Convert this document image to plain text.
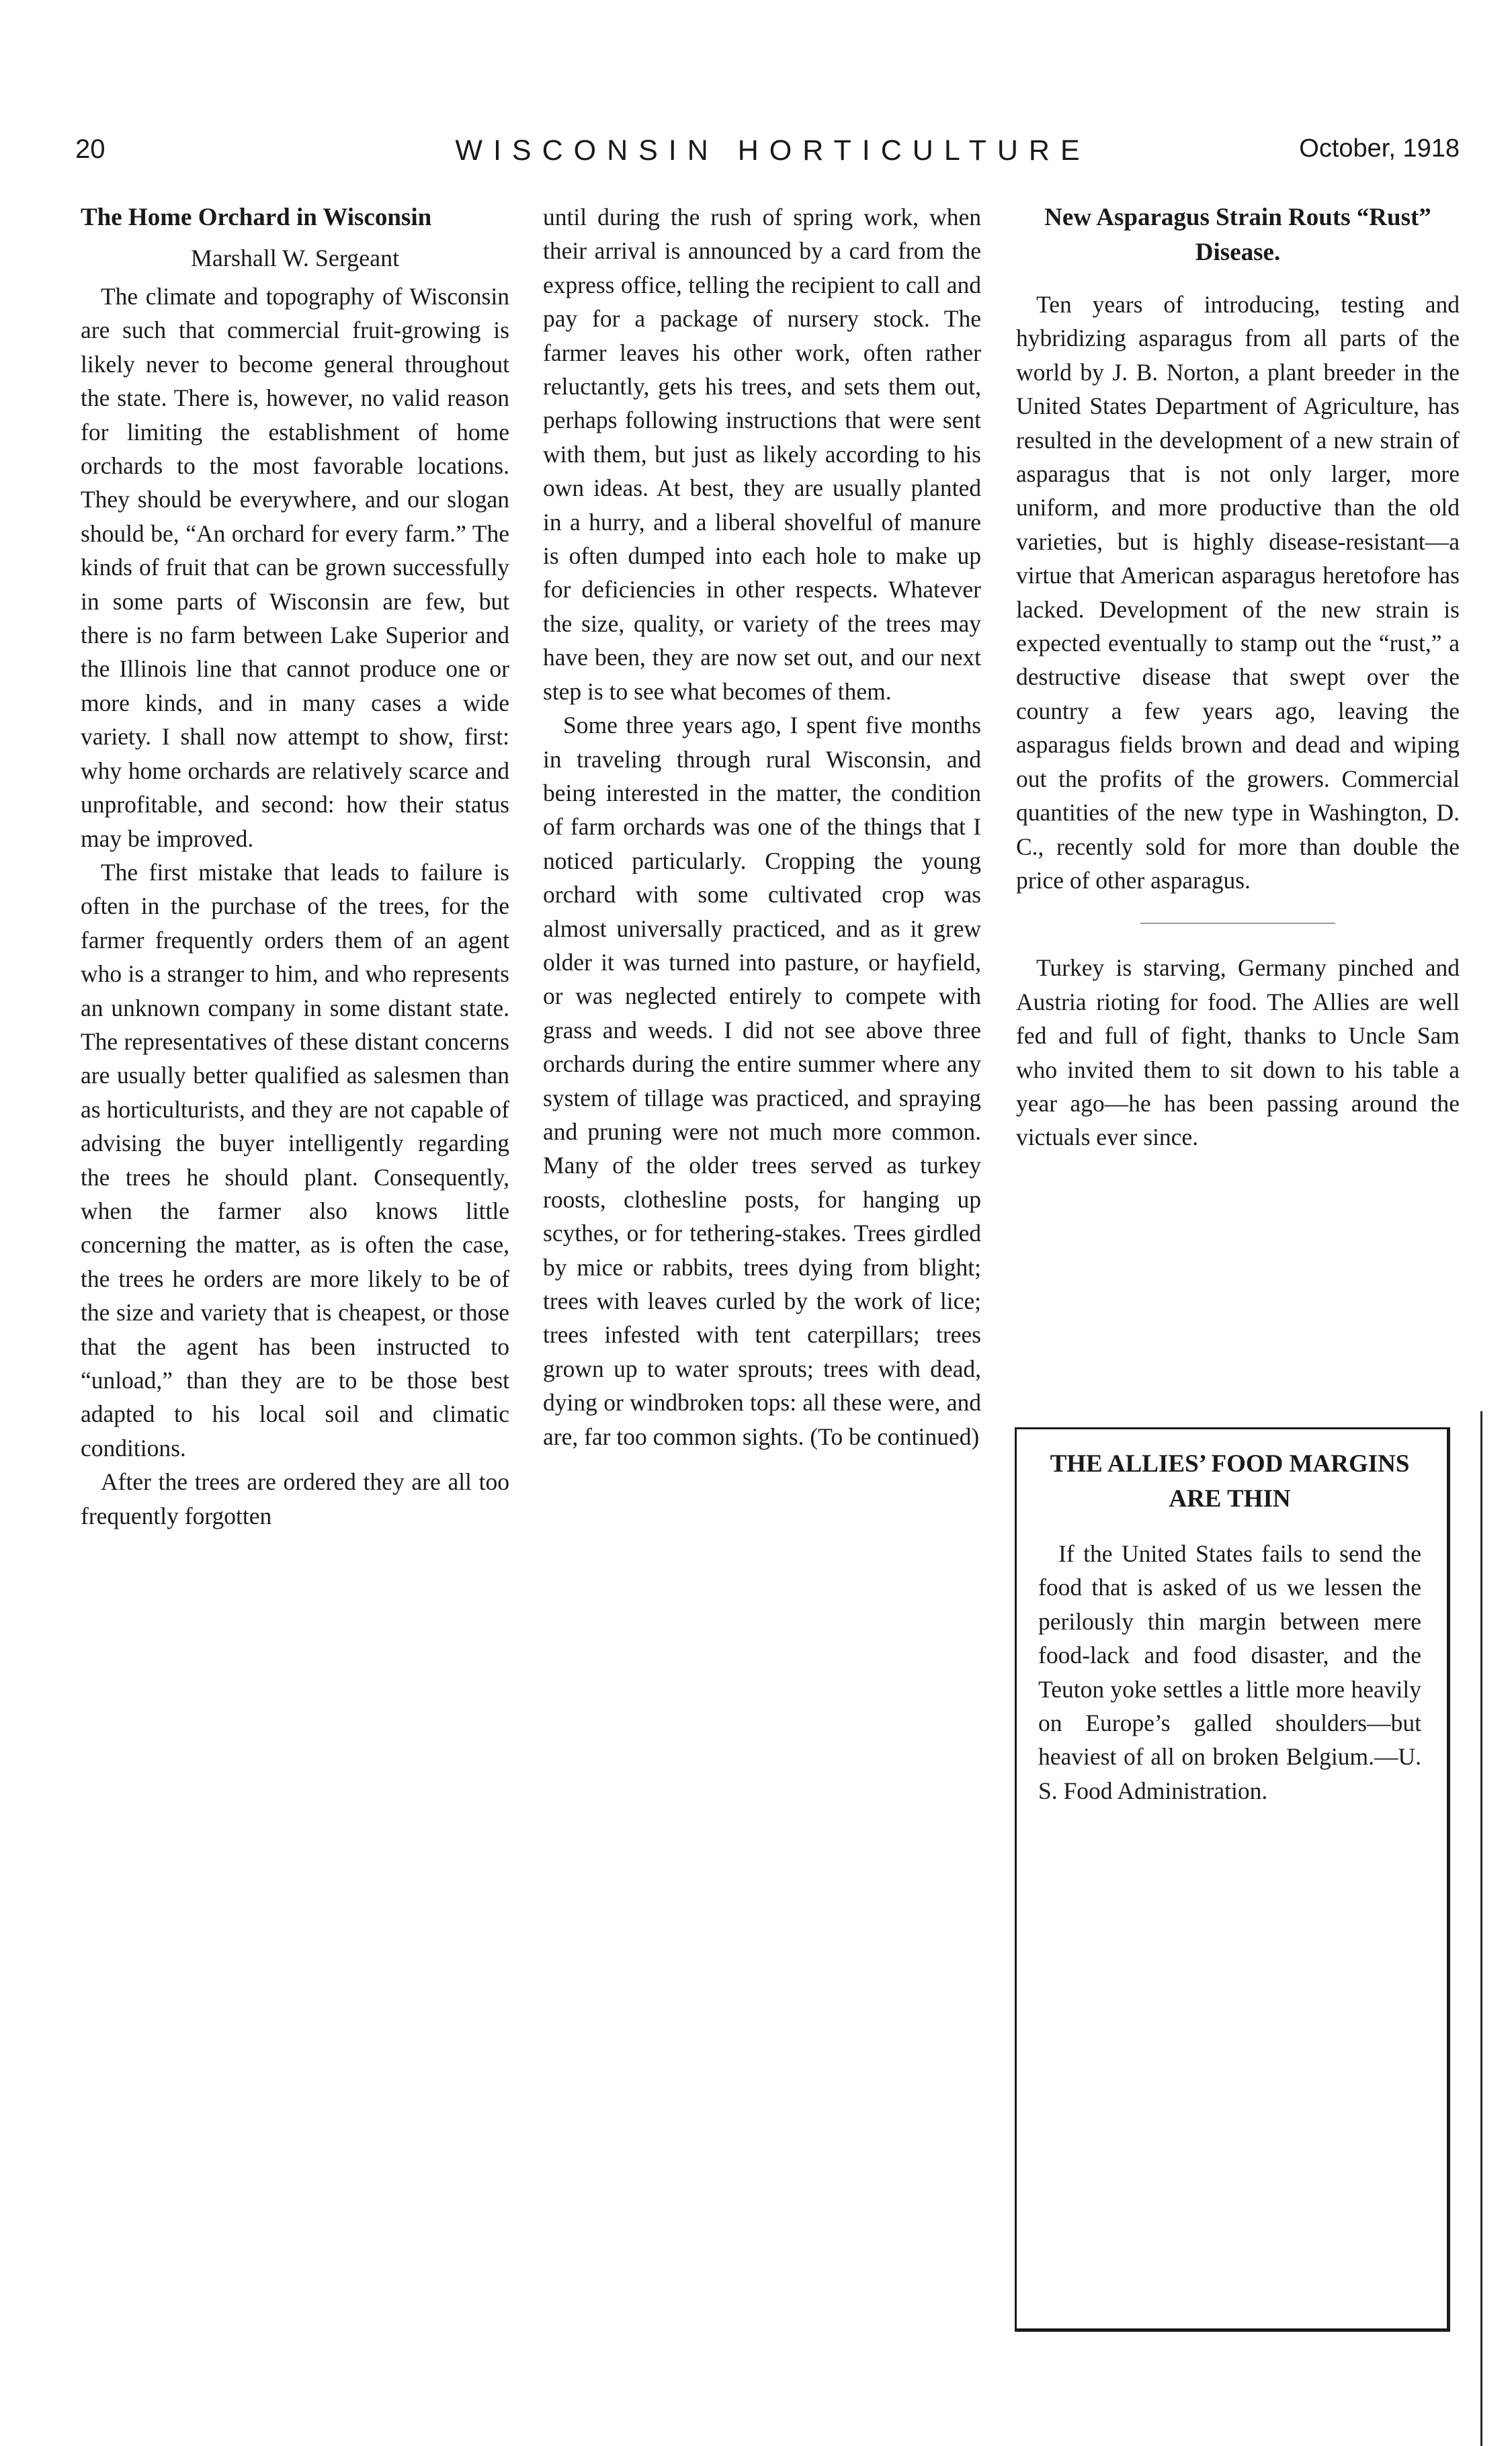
20	WISCONSIN HORTICULTURE	October, 1918
The Home Orchard in Wisconsin
Marshall W. Sergeant

The climate and topography of Wisconsin are such that commercial fruit-growing is likely never to become general throughout the state. There is, however, no valid reason for limiting the establishment of home orchards to the most favorable locations. They should be everywhere, and our slogan should be, “An orchard for every farm.” The kinds of fruit that can be grown successfully in some parts of Wisconsin are few, but there is no farm between Lake Superior and the Illinois line that cannot produce one or more kinds, and in many cases a wide variety. I shall now attempt to show, first: why home orchards are relatively scarce and unprofitable, and second: how their status may be improved.

The first mistake that leads to failure is often in the purchase of the trees, for the farmer frequently orders them of an agent who is a stranger to him, and who represents an unknown company in some distant state. The representatives of these distant concerns are usually better qualified as salesmen than as horticulturists, and they are not capable of advising the buyer intelligently regarding the trees he should plant. Consequently, when the farmer also knows little concerning the matter, as is often the case, the trees he orders are more likely to be of the size and variety that is cheapest, or those that the agent has been instructed to “unload,” than they are to be those best adapted to his local soil and climatic conditions.

After the trees are ordered they are all too frequently forgotten

until during the rush of spring work, when their arrival is announced by a card from the express office, telling the recipient to call and pay for a package of nursery stock. The farmer leaves his other work, often rather reluctantly, gets his trees, and sets them out, perhaps following instructions that were sent with them, but just as likely according to his own ideas. At best, they are usually planted in a hurry, and a liberal shovelful of manure is often dumped into each hole to make up for deficiencies in other respects. Whatever the size, quality, or variety of the trees may have been, they are now set out, and our next step is to see what becomes of them.

Some three years ago, I spent five months in traveling through rural Wisconsin, and being interested in the matter, the condition of farm orchards was one of the things that I noticed particularly. Cropping the young orchard with some cultivated crop was almost universally practiced, and as it grew older it was turned into pasture, or hayfield, or was neglected entirely to compete with grass and weeds. I did not see above three orchards during the entire summer where any system of tillage was practiced, and spraying and pruning were not much more common. Many of the older trees served as turkey roosts, clothesline posts, for hanging up scythes, or for tethering-stakes. Trees girdled by mice or rabbits, trees dying from blight; trees with leaves curled by the work of lice; trees infested with tent caterpillars; trees grown up to water sprouts; trees with dead, dying or windbroken tops: all these were, and are, far too common sights. (To be continued)

New Asparagus Strain Routs “Rust” Disease.

Ten years of introducing, testing and hybridizing asparagus from all parts of the world by J. B. Norton, a plant breeder in the United States Department of Agriculture, has resulted in the development of a new strain of asparagus that is not only larger, more uniform, and more productive than the old varieties, but is highly disease-resistant—a virtue that American asparagus heretofore has lacked. Development of the new strain is expected eventually to stamp out the “rust,” a destructive disease that swept over the country a few years ago, leaving the asparagus fields brown and dead and wiping out the profits of the growers. Commercial quantities of the new type in Washington, D. C., recently sold for more than double the price of other asparagus.

Turkey is starving, Germany pinched and Austria rioting for food. The Allies are well fed and full of fight, thanks to Uncle Sam who invited them to sit down to his table a year ago—he has been passing around the victuals ever since.

THE ALLIES’ FOOD MARGINS ARE THIN

If the United States fails to send the food that is asked of us we lessen the perilously thin margin between mere food-lack and food disaster, and the Teuton yoke settles a little more heavily on Europe’s galled shoulders—but heaviest of all on broken Belgium.—U. S. Food Administration.
